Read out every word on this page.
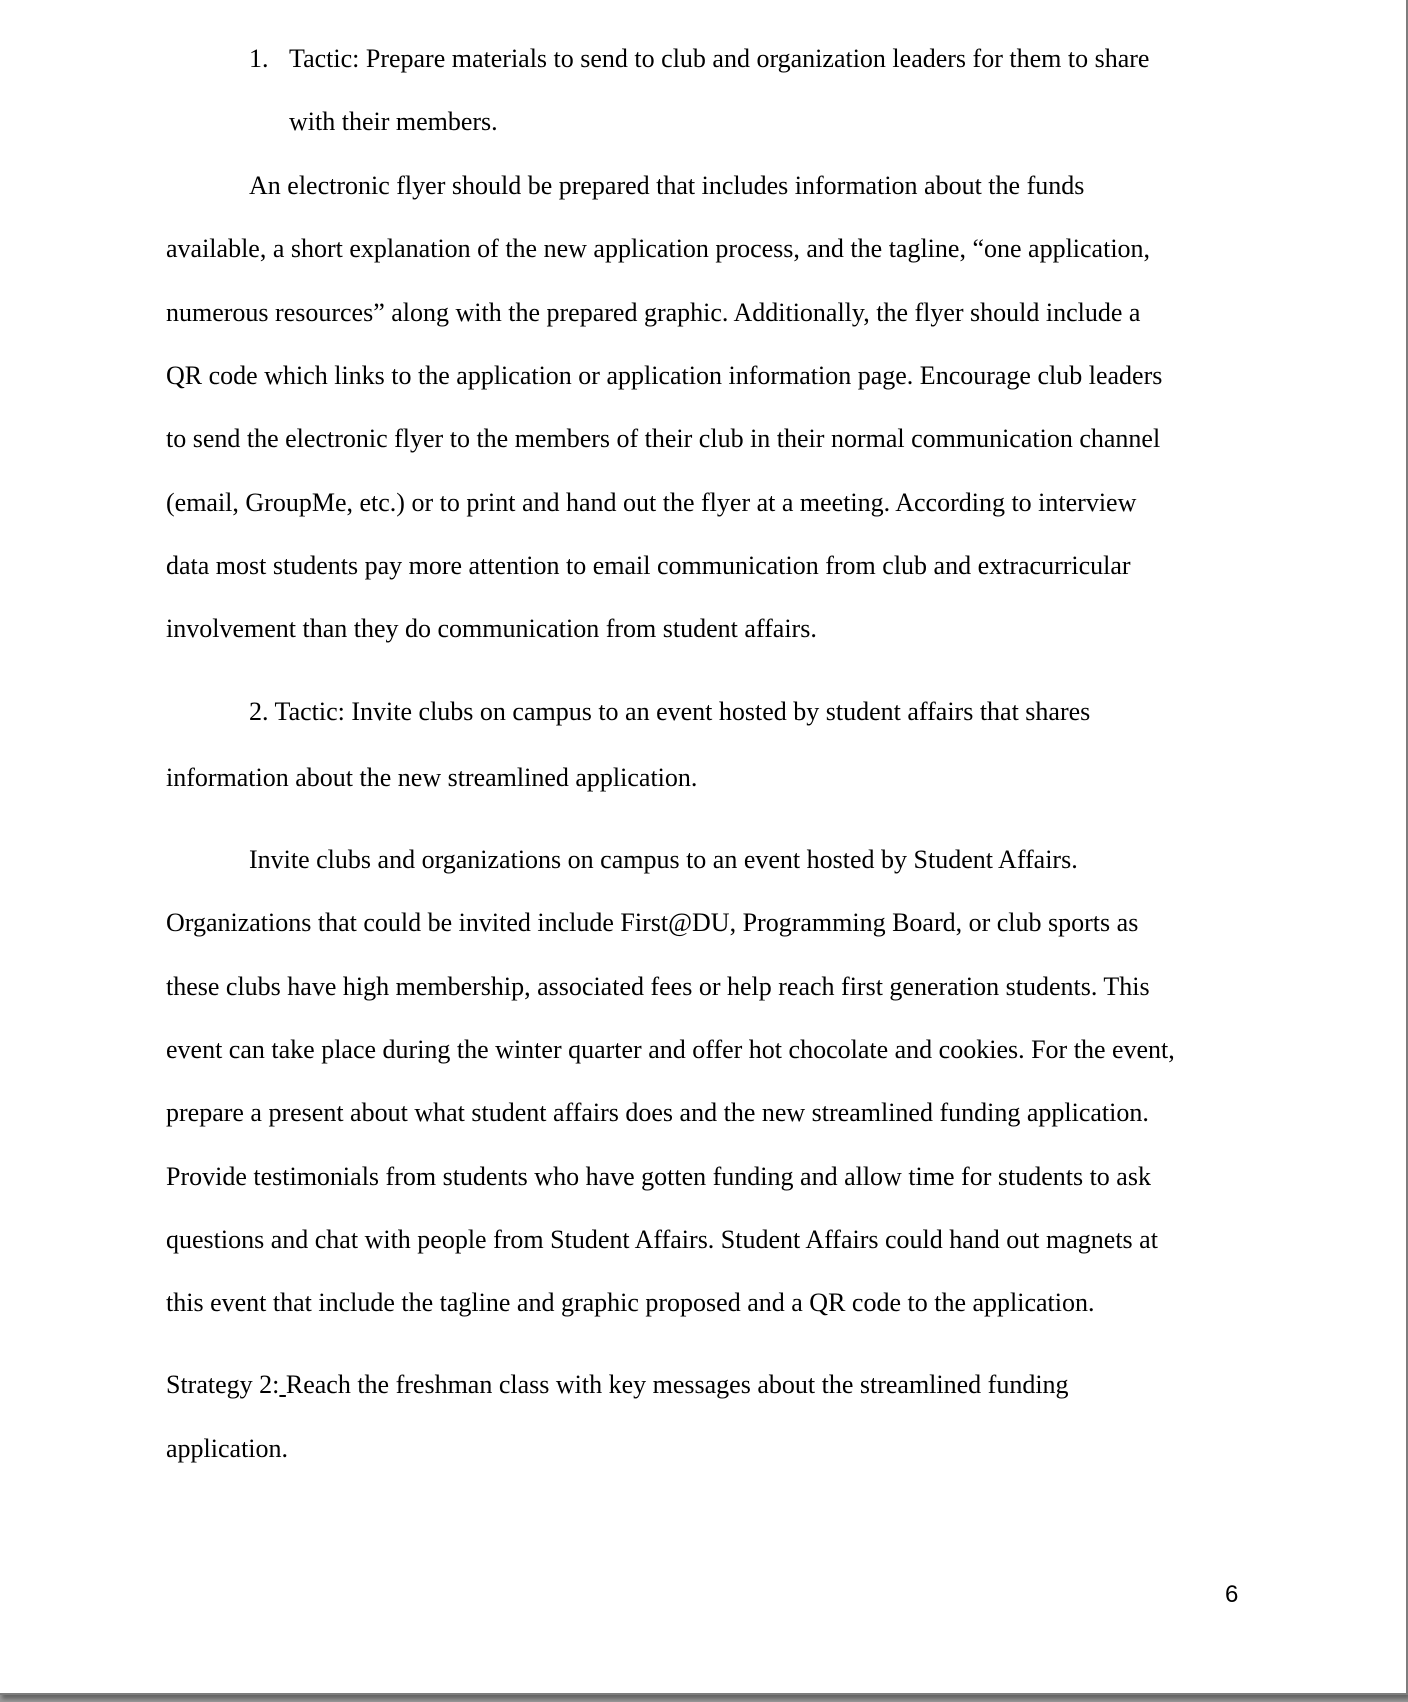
1. Tactic: Prepare materials to send to club and organization leaders for them to share
with their members.
An electronic flyer should be prepared that includes information about the funds
available, a short explanation of the new application process, and the tagline, “one application,
numerous resources” along with the prepared graphic. Additionally, the flyer should include a
QR code which links to the application or application information page. Encourage club leaders
to send the electronic flyer to the members of their club in their normal communication channel
(email, GroupMe, etc.) or to print and hand out the flyer at a meeting. According to interview
data most students pay more attention to email communication from club and extracurricular
involvement than they do communication from student affairs.
2. Tactic: Invite clubs on campus to an event hosted by student affairs that shares
information about the new streamlined application.
Invite clubs and organizations on campus to an event hosted by Student Affairs.
Organizations that could be invited include First@DU, Programming Board, or club sports as
these clubs have high membership, associated fees or help reach first generation students. This
event can take place during the winter quarter and offer hot chocolate and cookies. For the event,
prepare a present about what student affairs does and the new streamlined funding application.
Provide testimonials from students who have gotten funding and allow time for students to ask
questions and chat with people from Student Affairs. Student Affairs could hand out magnets at
this event that include the tagline and graphic proposed and a QR code to the application.
Strategy 2: Reach the freshman class with key messages about the streamlined funding
application.
6
